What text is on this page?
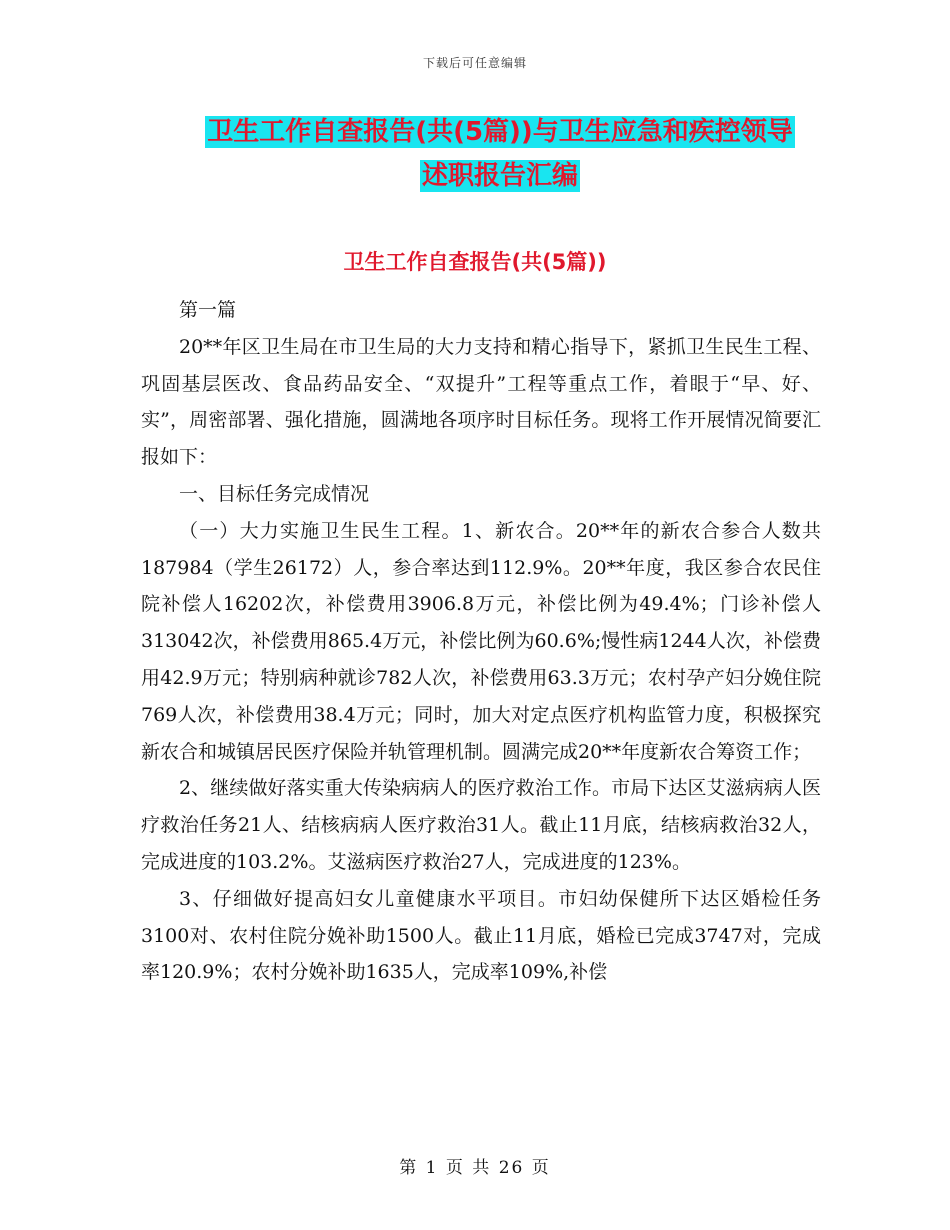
下载后可任意编辑
卫生工作自查报告(共(5篇))与卫生应急和疾控领导
述职报告汇编
卫生工作自查报告(共(5篇))

第一篇

20**年区卫生局在市卫生局的大力支持和精心指导下，紧抓卫生民生工程、巩固基层医改、食品药品安全、“双提升”工程等重点工作，着眼于“早、好、实”，周密部署、强化措施，圆满地各项序时目标任务。现将工作开展情况简要汇报如下：

一、目标任务完成情况

（一）大力实施卫生民生工程。1、新农合。20**年的新农合参合人数共187984（学生26172）人，参合率达到112.9%。20**年度，我区参合农民住院补偿人16202次，补偿费用3906.8万元，补偿比例为49.4%；门诊补偿人313042次，补偿费用865.4万元，补偿比例为60.6%;慢性病1244人次，补偿费用42.9万元；特别病种就诊782人次，补偿费用63.3万元；农村孕产妇分娩住院769人次，补偿费用38.4万元；同时，加大对定点医疗机构监管力度，积极探究新农合和城镇居民医疗保险并轨管理机制。圆满完成20**年度新农合筹资工作；

2、继续做好落实重大传染病病人的医疗救治工作。市局下达区艾滋病病人医疗救治任务21人、结核病病人医疗救治31人。截止11月底，结核病救治32人，完成进度的103.2%。艾滋病医疗救治27人，完成进度的123%。

3、仔细做好提高妇女儿童健康水平项目。市妇幼保健所下达区婚检任务3100对、农村住院分娩补助1500人。截止11月底，婚检已完成3747对，完成率120.9%；农村分娩补助1635人，完成率109%,补偿

第 1 页 共 26 页
